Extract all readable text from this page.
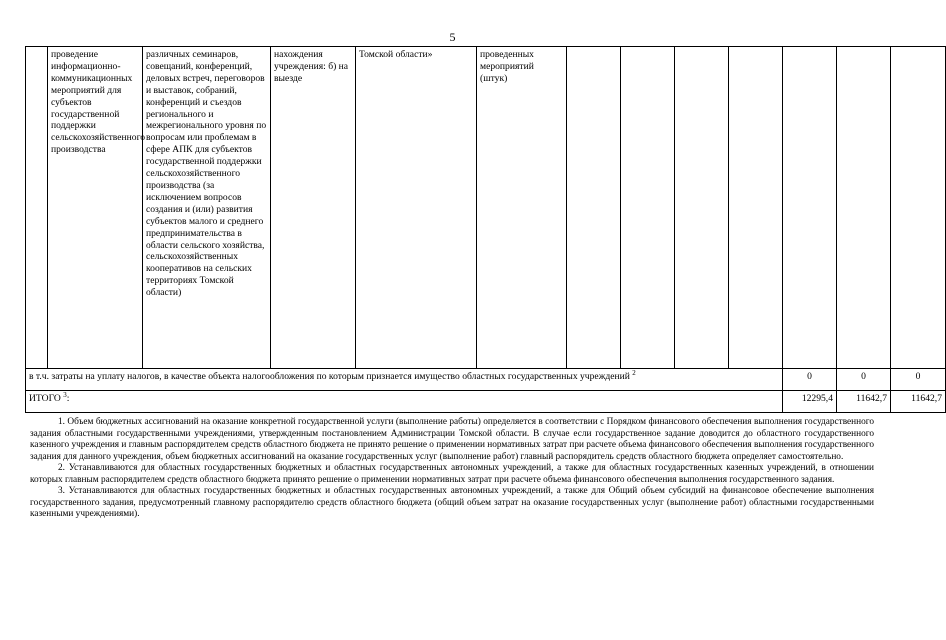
5
	проведение информационно-коммуникационных мероприятий для субъектов государственной поддержки сельскохозяйственного производства	различных семинаров, совещаний, конференций, деловых встреч, переговоров и выставок, собраний, конференций и съездов регионального и межрегионального уровня по вопросам или проблемам в сфере АПК для субъектов государственной поддержки сельскохозяйственного производства (за исключением вопросов создания и (или) развития субъектов малого и среднего предпринимательства в области сельского хозяйства, сельскохозяйственных кооперативов на сельских территориях Томской области)	нахождения учреждения: б) на выезде	Томской области»	проведенных мероприятий (штук)							
в т.ч. затраты на уплату налогов, в качестве объекта налогообложения по которым признается имущество областных государственных учреждений $^2$										0	0	0
ИТОГО $^3$:										12295,4	11642,7	11642,7

1. Объем бюджетных ассигнований на оказание конкретной государственной услуги (выполнение работы) определяется в соответствии с Порядком финансового обеспечения выполнения государственного задания областными государственными учреждениями, утвержденным постановлением Администрации Томской области. В случае если государственное задание доводится до областного государственного казенного учреждения и главным распорядителем средств областного бюджета не принято решение о применении нормативных затрат при расчете объема финансового обеспечения выполнения государственного задания для данного учреждения, объем бюджетных ассигнований на оказание государственных услуг (выполнение работ) главный распорядитель средств областного бюджета определяет самостоятельно.

2. Устанавливаются для областных государственных бюджетных и областных государственных автономных учреждений, а также для областных государственных казенных учреждений, в отношении которых главным распорядителем средств областного бюджета принято решение о применении нормативных затрат при расчете объема финансового обеспечения выполнения государственного задания.

3. Устанавливаются для областных государственных бюджетных и областных государственных автономных учреждений, а также для Общий объем субсидий на финансовое обеспечение выполнения государственного задания, предусмотренный главному распорядителю средств областного бюджета (общий объем затрат на оказание государственных услуг (выполнение работ) областными государственными казенными учреждениями).
